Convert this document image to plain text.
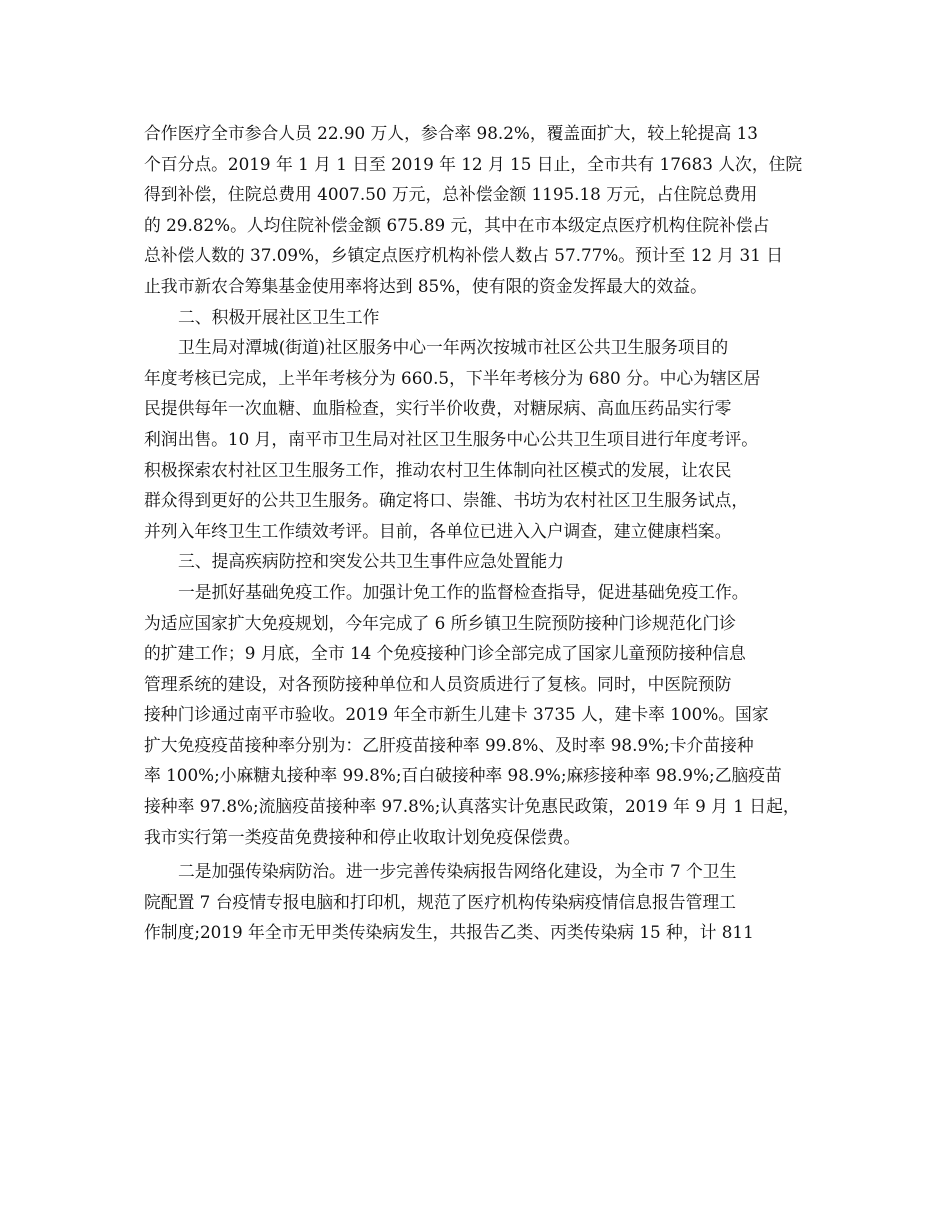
合作医疗全市参合人员 22.90 万人，参合率 98.2%，覆盖面扩大，较上轮提高 13
个百分点。2019 年 1 月 1 日至 2019 年 12 月 15 日止，全市共有 17683 人次，住院
得到补偿，住院总费用 4007.50 万元，总补偿金额 1195.18 万元，占住院总费用
的 29.82%。人均住院补偿金额 675.89 元，其中在市本级定点医疗机构住院补偿占
总补偿人数的 37.09%，乡镇定点医疗机构补偿人数占 57.77%。预计至 12 月 31 日
止我市新农合筹集基金使用率将达到 85%，使有限的资金发挥最大的效益。
二、积极开展社区卫生工作
卫生局对潭城(街道)社区服务中心一年两次按城市社区公共卫生服务项目的
年度考核已完成，上半年考核分为 660.5，下半年考核分为 680 分。中心为辖区居
民提供每年一次血糖、血脂检查，实行半价收费，对糖尿病、高血压药品实行零
利润出售。10 月，南平市卫生局对社区卫生服务中心公共卫生项目进行年度考评。
积极探索农村社区卫生服务工作，推动农村卫生体制向社区模式的发展，让农民
群众得到更好的公共卫生服务。确定将口、崇雒、书坊为农村社区卫生服务试点，
并列入年终卫生工作绩效考评。目前，各单位已进入入户调查，建立健康档案。
三、提高疾病防控和突发公共卫生事件应急处置能力
一是抓好基础免疫工作。加强计免工作的监督检查指导，促进基础免疫工作。
为适应国家扩大免疫规划，今年完成了 6 所乡镇卫生院预防接种门诊规范化门诊
的扩建工作；9 月底，全市 14 个免疫接种门诊全部完成了国家儿童预防接种信息
管理系统的建设，对各预防接种单位和人员资质进行了复核。同时，中医院预防
接种门诊通过南平市验收。2019 年全市新生儿建卡 3735 人，建卡率 100%。国家
扩大免疫疫苗接种率分别为：乙肝疫苗接种率 99.8%、及时率 98.9%;卡介苗接种
率 100%;小麻糖丸接种率 99.8%;百白破接种率 98.9%;麻疹接种率 98.9%;乙脑疫苗
接种率 97.8%;流脑疫苗接种率 97.8%;认真落实计免惠民政策，2019 年 9 月 1 日起，
我市实行第一类疫苗免费接种和停止收取计划免疫保偿费。
二是加强传染病防治。进一步完善传染病报告网络化建设，为全市 7 个卫生
院配置 7 台疫情专报电脑和打印机，规范了医疗机构传染病疫情信息报告管理工
作制度;2019 年全市无甲类传染病发生，共报告乙类、丙类传染病 15 种，计 811
